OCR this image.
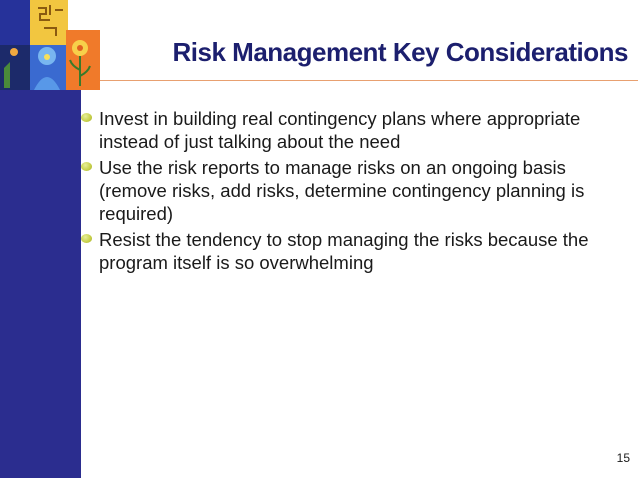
Risk Management Key Considerations
Invest in building real contingency plans where appropriate instead of just talking about the need
Use the risk reports to manage risks on an ongoing basis (remove risks, add risks, determine contingency planning is required)
Resist the tendency to stop managing the risks because the program itself is so overwhelming
15
